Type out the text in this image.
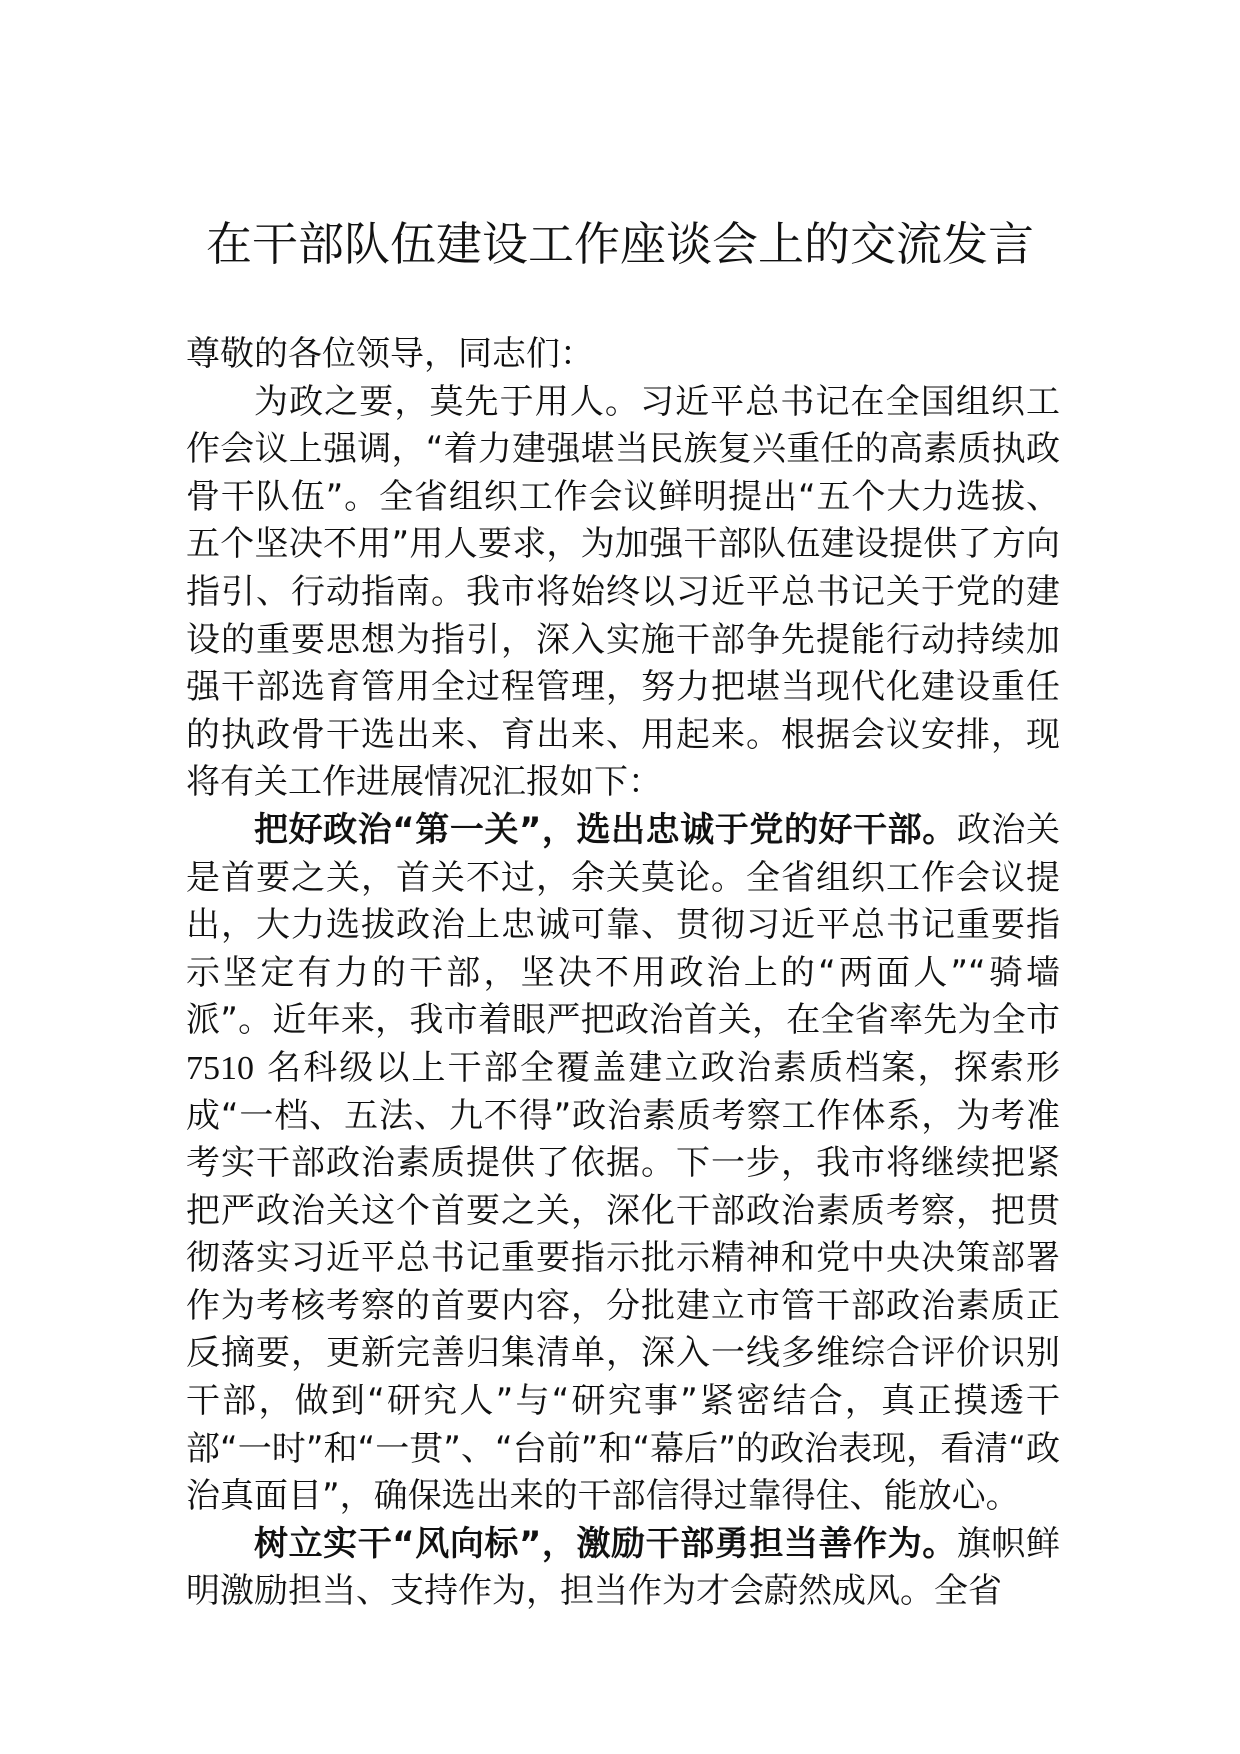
在干部队伍建设工作座谈会上的交流发言

尊敬的各位领导，同志们：

为政之要，莫先于用人。习近平总书记在全国组织工作会议上强调，“着力建强堪当民族复兴重任的高素质执政骨干队伍”。全省组织工作会议鲜明提出“五个大力选拔、五个坚决不用”用人要求，为加强干部队伍建设提供了方向指引、行动指南。我市将始终以习近平总书记关于党的建设的重要思想为指引，深入实施干部争先提能行动持续加强干部选育管用全过程管理，努力把堪当现代化建设重任的执政骨干选出来、育出来、用起来。根据会议安排，现将有关工作进展情况汇报如下：

把好政治“第一关”，选出忠诚于党的好干部。政治关是首要之关，首关不过，余关莫论。全省组织工作会议提出，大力选拔政治上忠诚可靠、贯彻习近平总书记重要指示坚定有力的干部，坚决不用政治上的“两面人”“骑墙派”。近年来，我市着眼严把政治首关，在全省率先为全市 7510 名科级以上干部全覆盖建立政治素质档案，探索形成“一档、五法、九不得”政治素质考察工作体系，为考准考实干部政治素质提供了依据。下一步，我市将继续把紧把严政治关这个首要之关，深化干部政治素质考察，把贯彻落实习近平总书记重要指示批示精神和党中央决策部署作为考核考察的首要内容，分批建立市管干部政治素质正反摘要，更新完善归集清单，深入一线多维综合评价识别干部，做到“研究人”与“研究事”紧密结合，真正摸透干部“一时”和“一贯”、“台前”和“幕后”的政治表现，看清“政治真面目”，确保选出来的干部信得过靠得住、能放心。

树立实干“风向标”，激励干部勇担当善作为。旗帜鲜明激励担当、支持作为，担当作为才会蔚然成风。全省
